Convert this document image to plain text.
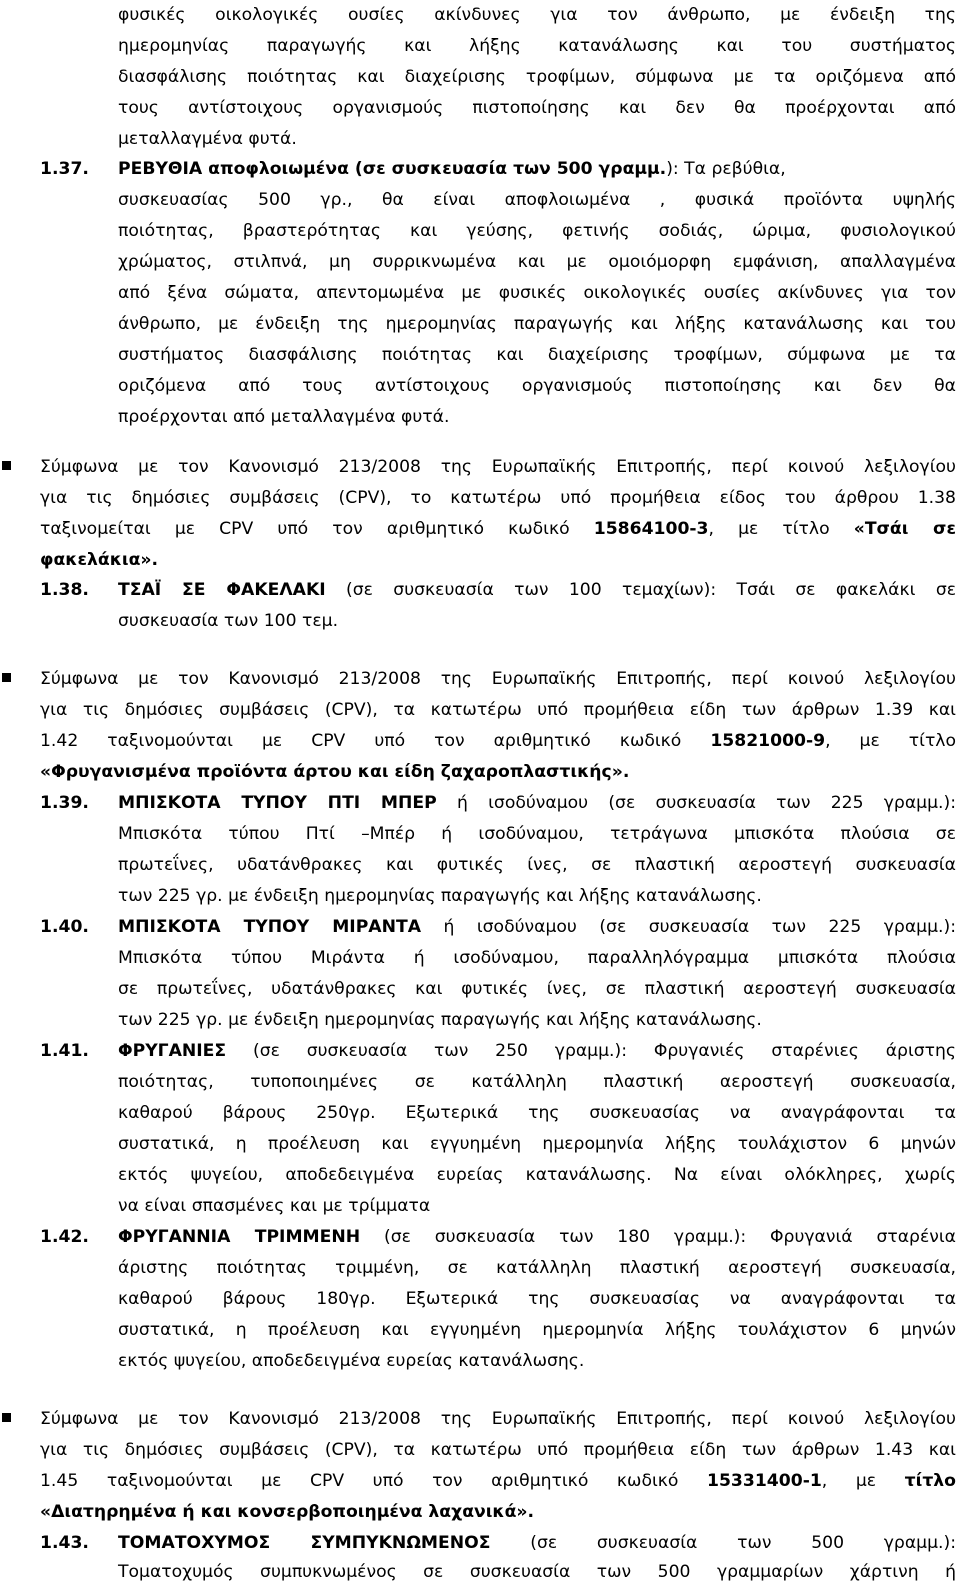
φυσικές οικολογικές ουσίες ακίνδυνες για τον άνθρωπο, με ένδειξη της
ημερομηνίας παραγωγής και λήξης κατανάλωσης και του συστήματος
διασφάλισης ποιότητας και διαχείρισης τροφίμων, σύμφωνα με τα οριζόμενα από
τους αντίστοιχους οργανισμούς πιστοποίησης και δεν θα προέρχονται από
μεταλλαγμένα φυτά.
1.37. ΡΕΒΥΘΙΑ αποφλοιωμένα (σε συσκευασία των 500 γραμμ.): Τα ρεβύθια,
συσκευασίας 500 γρ., θα είναι αποφλοιωμένα , φυσικά προϊόντα υψηλής
ποιότητας, βραστερότητας και γεύσης, φετινής σοδιάς, ώριμα, φυσιολογικού
χρώματος, στιλπνά, μη συρρικνωμένα και με ομοιόμορφη εμφάνιση, απαλλαγμένα
από ξένα σώματα, απεντομωμένα με φυσικές οικολογικές ουσίες ακίνδυνες για τον
άνθρωπο, με ένδειξη της ημερομηνίας παραγωγής και λήξης κατανάλωσης και του
συστήματος διασφάλισης ποιότητας και διαχείρισης τροφίμων, σύμφωνα με τα
οριζόμενα από τους αντίστοιχους οργανισμούς πιστοποίησης και δεν θα
προέρχονται από μεταλλαγμένα φυτά.
Σύμφωνα με τον Κανονισμό 213/2008 της Ευρωπαϊκής Επιτροπής, περί κοινού λεξιλογίου
για τις δημόσιες συμβάσεις (CPV), το κατωτέρω υπό προμήθεια είδος του άρθρου 1.38
ταξινομείται με CPV υπό τον αριθμητικό κωδικό 15864100-3, με τίτλο «Τσάι σε
φακελάκια».
1.38. ΤΣΑΪ ΣΕ ΦΑΚΕΛΑΚΙ (σε συσκευασία των 100 τεμαχίων): Τσάι σε φακελάκι σε
συσκευασία των 100 τεμ.
Σύμφωνα με τον Κανονισμό 213/2008 της Ευρωπαϊκής Επιτροπής, περί κοινού λεξιλογίου
για τις δημόσιες συμβάσεις (CPV), τα κατωτέρω υπό προμήθεια είδη των άρθρων 1.39 και
1.42 ταξινομούνται με CPV υπό τον αριθμητικό κωδικό 15821000-9, με τίτλο
«Φρυγανισμένα προϊόντα άρτου και είδη ζαχαροπλαστικής».
1.39. ΜΠΙΣΚΟΤΑ ΤΥΠΟΥ ΠΤΙ ΜΠΕΡ ή ισοδύναμου (σε συσκευασία των 225 γραμμ.):
Μπισκότα τύπου Πτί –Μπέρ ή ισοδύναμου, τετράγωνα μπισκότα πλούσια σε
πρωτεΐνες, υδατάνθρακες και φυτικές ίνες, σε πλαστική αεροστεγή συσκευασία
των 225 γρ. με ένδειξη ημερομηνίας παραγωγής και λήξης κατανάλωσης.
1.40. ΜΠΙΣΚΟΤΑ ΤΥΠΟΥ ΜΙΡΑΝΤΑ ή ισοδύναμου (σε συσκευασία των 225 γραμμ.):
Μπισκότα τύπου Μιράντα ή ισοδύναμου, παραλληλόγραμμα μπισκότα πλούσια
σε πρωτεΐνες, υδατάνθρακες και φυτικές ίνες, σε πλαστική αεροστεγή συσκευασία
των 225 γρ. με ένδειξη ημερομηνίας παραγωγής και λήξης κατανάλωσης.
1.41. ΦΡΥΓΑΝΙΕΣ (σε συσκευασία των 250 γραμμ.): Φρυγανιές σταρένιες άριστης
ποιότητας, τυποποιημένες σε κατάλληλη πλαστική αεροστεγή συσκευασία,
καθαρού βάρους 250γρ. Εξωτερικά της συσκευασίας να αναγράφονται τα
συστατικά, η προέλευση και εγγυημένη ημερομηνία λήξης τουλάχιστον 6 μηνών
εκτός ψυγείου, αποδεδειγμένα ευρείας κατανάλωσης. Να είναι ολόκληρες, χωρίς
να είναι σπασμένες και με τρίμματα
1.42. ΦΡΥΓΑΝΝΙΑ ΤΡΙΜΜΕΝΗ (σε συσκευασία των 180 γραμμ.): Φρυγανιά σταρένια
άριστης ποιότητας τριμμένη, σε κατάλληλη πλαστική αεροστεγή συσκευασία,
καθαρού βάρους 180γρ. Εξωτερικά της συσκευασίας να αναγράφονται τα
συστατικά, η προέλευση και εγγυημένη ημερομηνία λήξης τουλάχιστον 6 μηνών
εκτός ψυγείου, αποδεδειγμένα ευρείας κατανάλωσης.
Σύμφωνα με τον Κανονισμό 213/2008 της Ευρωπαϊκής Επιτροπής, περί κοινού λεξιλογίου
για τις δημόσιες συμβάσεις (CPV), τα κατωτέρω υπό προμήθεια είδη των άρθρων 1.43 και
1.45 ταξινομούνται με CPV υπό τον αριθμητικό κωδικό 15331400-1, με τίτλο
«Διατηρημένα ή και κονσερβοποιημένα λαχανικά».
1.43. ΤΟΜΑΤΟΧΥΜΟΣ ΣΥΜΠΥΚΝΩΜΕΝΟΣ (σε συσκευασία των 500 γραμμ.):
Τοματοχυμός συμπυκνωμένος σε συσκευασία των 500 γραμμαρίων χάρτινη ή
